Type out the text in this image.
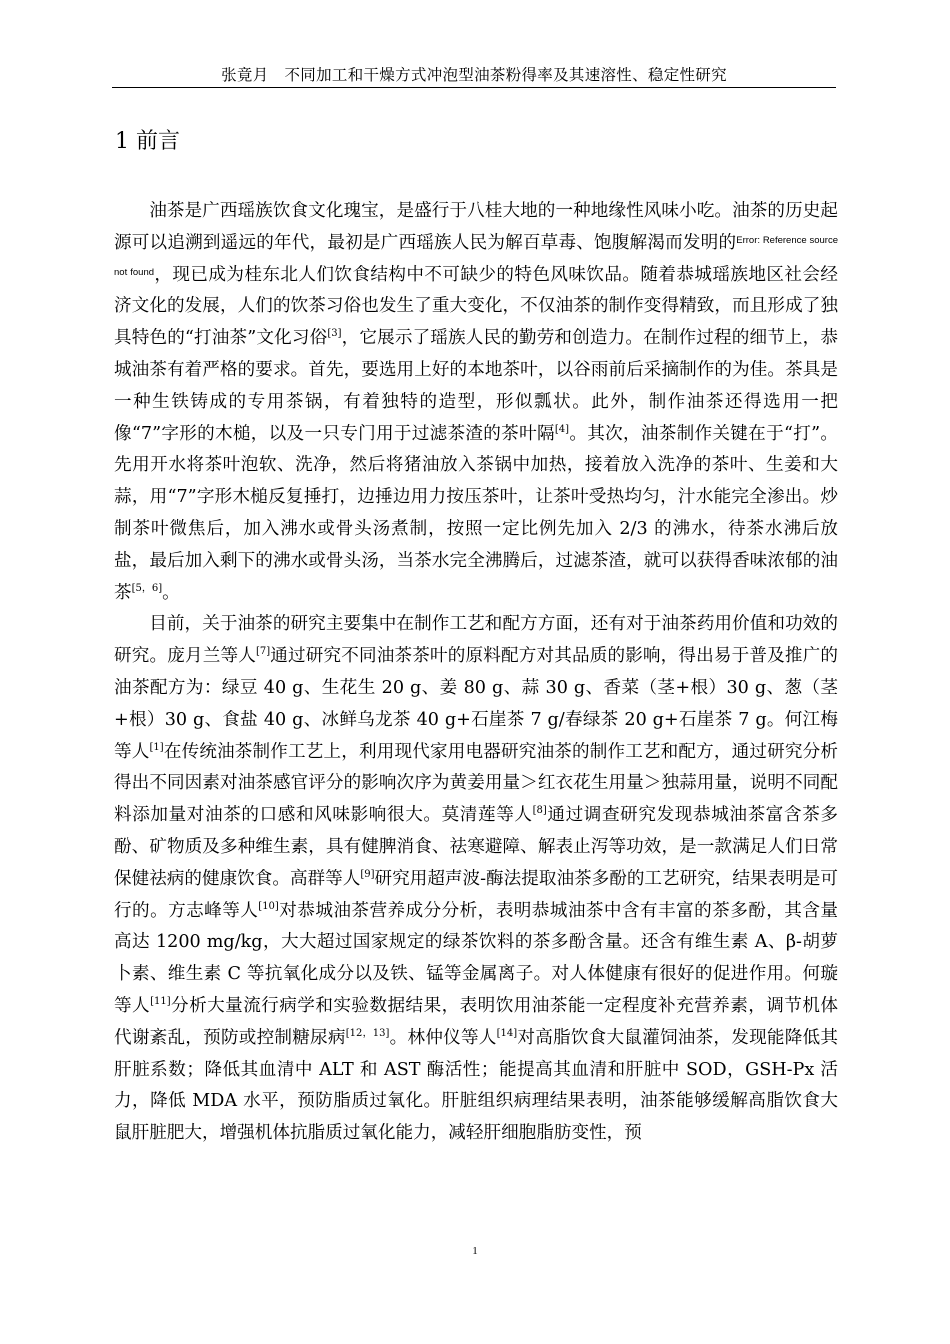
张竟月 不同加工和干燥方式冲泡型油茶粉得率及其速溶性、稳定性研究
1 前言

油茶是广西瑶族饮食文化瑰宝，是盛行于八桂大地的一种地缘性风味小吃。油茶的历史起源可以追溯到遥远的年代，最初是广西瑶族人民为解百草毒、饱腹解渴而发明的$^{Error: Reference source not found}$，现已成为桂东北人们饮食结构中不可缺少的特色风味饮品。随着恭城瑶族地区社会经济文化的发展，人们的饮茶习俗也发生了重大变化，不仅油茶的制作变得精致，而且形成了独具特色的“打油茶”文化习俗[3]，它展示了瑶族人民的勤劳和创造力。在制作过程的细节上，恭城油茶有着严格的要求。首先，要选用上好的本地茶叶，以谷雨前后采摘制作的为佳。茶具是一种生铁铸成的专用茶锅，有着独特的造型，形似瓢状。此外，制作油茶还得选用一把像“7”字形的木槌，以及一只专门用于过滤茶渣的茶叶隔[4]。其次，油茶制作关键在于“打”。先用开水将茶叶泡软、洗净，然后将猪油放入茶锅中加热，接着放入洗净的茶叶、生姜和大蒜，用“7”字形木槌反复捶打，边捶边用力按压茶叶，让茶叶受热均匀，汁水能完全渗出。炒制茶叶微焦后，加入沸水或骨头汤煮制，按照一定比例先加入 2/3 的沸水，待茶水沸后放盐，最后加入剩下的沸水或骨头汤，当茶水完全沸腾后，过滤茶渣，就可以获得香味浓郁的油茶[5，6]。

目前，关于油茶的研究主要集中在制作工艺和配方方面，还有对于油茶药用价值和功效的研究。庞月兰等人[7]通过研究不同油茶茶叶的原料配方对其品质的影响，得出易于普及推广的油茶配方为：绿豆 40 g、生花生 20 g、姜 80 g、蒜 30 g、香菜（茎+根）30 g、葱（茎+根）30 g、食盐 40 g、冰鲜乌龙茶 40 g+石崖茶 7 g/春绿茶 20 g+石崖茶 7 g。何江梅等人[1]在传统油茶制作工艺上，利用现代家用电器研究油茶的制作工艺和配方，通过研究分析得出不同因素对油茶感官评分的影响次序为黄姜用量＞红衣花生用量＞独蒜用量，说明不同配料添加量对油茶的口感和风味影响很大。莫清莲等人[8]通过调查研究发现恭城油茶富含茶多酚、矿物质及多种维生素，具有健脾消食、祛寒避障、解表止泻等功效，是一款满足人们日常保健祛病的健康饮食。高群等人[9]研究用超声波-酶法提取油茶多酚的工艺研究，结果表明是可行的。方志峰等人[10]对恭城油茶营养成分分析，表明恭城油茶中含有丰富的茶多酚，其含量高达 1200 mg/kg，大大超过国家规定的绿茶饮料的茶多酚含量。还含有维生素 A、β-胡萝卜素、维生素 C 等抗氧化成分以及铁、锰等金属离子。对人体健康有很好的促进作用。何璇等人[11]分析大量流行病学和实验数据结果，表明饮用油茶能一定程度补充营养素，调节机体代谢紊乱，预防或控制糖尿病[12，13]。林仲仪等人[14]对高脂饮食大鼠灌饲油茶，发现能降低其肝脏系数；降低其血清中 ALT 和 AST 酶活性；能提高其血清和肝脏中 SOD，GSH-Px 活力，降低 MDA 水平，预防脂质过氧化。肝脏组织病理结果表明，油茶能够缓解高脂饮食大鼠肝脏肥大，增强机体抗脂质过氧化能力，减轻肝细胞脂肪变性，预

1
